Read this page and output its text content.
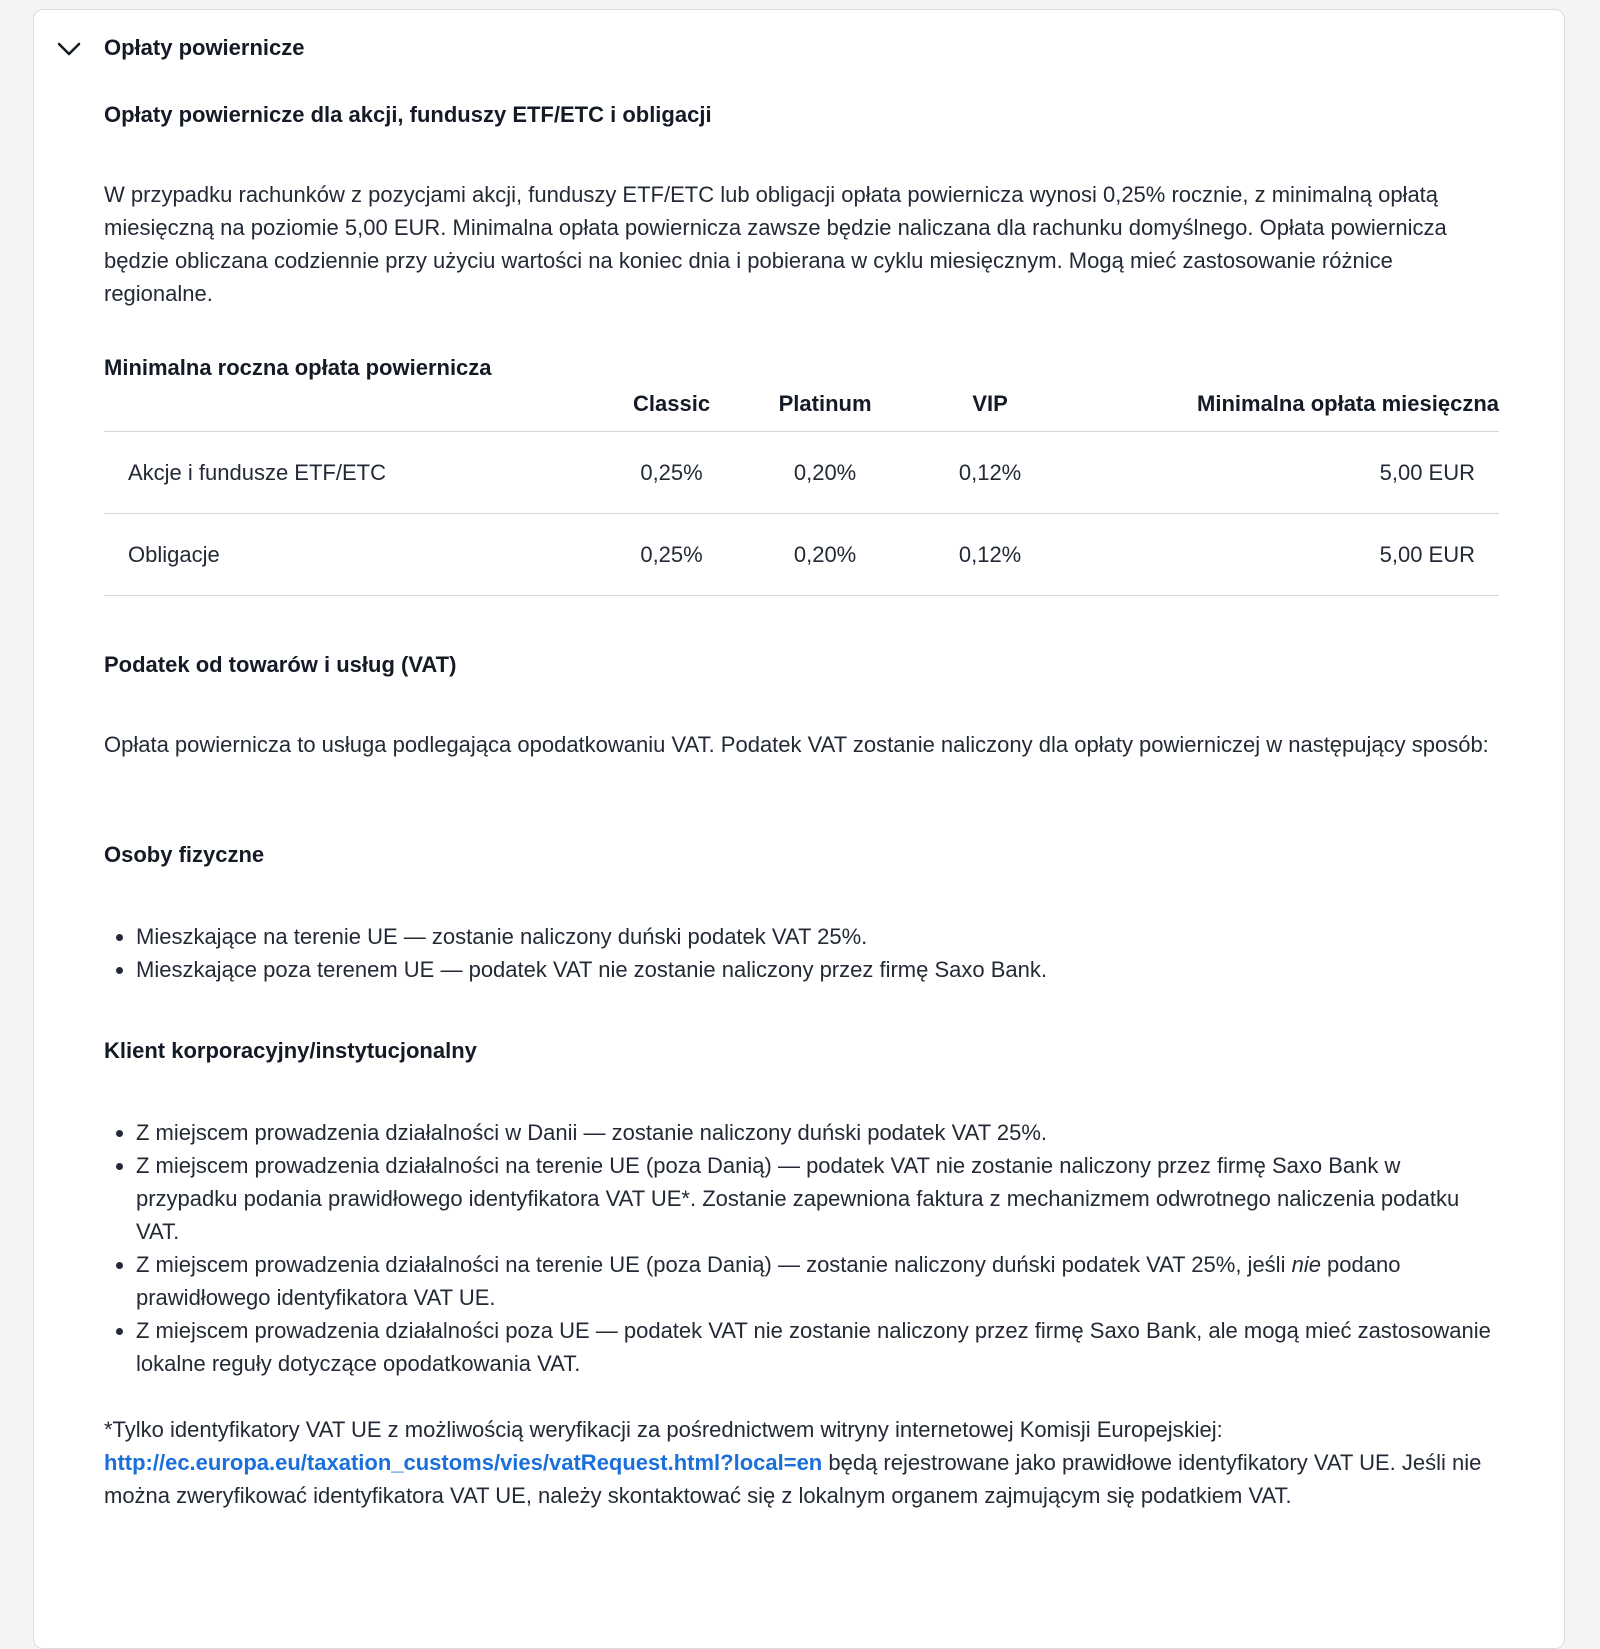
Opłaty powiernicze
Opłaty powiernicze dla akcji, funduszy ETF/ETC i obligacji

W przypadku rachunków z pozycjami akcji, funduszy ETF/ETC lub obligacji opłata powiernicza wynosi 0,25% rocznie, z minimalną opłatą miesięczną na poziomie 5,00 EUR. Minimalna opłata powiernicza zawsze będzie naliczana dla rachunku domyślnego. Opłata powiernicza będzie obliczana codziennie przy użyciu wartości na koniec dnia i pobierana w cyklu miesięcznym. Mogą mieć zastosowanie różnice regionalne.

Minimalna roczna opłata powiernicza
	Classic	Platinum	VIP	Minimalna opłata miesięczna
Akcje i fundusze ETF/ETC	0,25%	0,20%	0,12%	5,00 EUR
Obligacje	0,25%	0,20%	0,12%	5,00 EUR
Podatek od towarów i usług (VAT)

Opłata powiernicza to usługa podlegająca opodatkowaniu VAT. Podatek VAT zostanie naliczony dla opłaty powierniczej w następujący sposób:

Osoby fizyczne
• Mieszkające na terenie UE — zostanie naliczony duński podatek VAT 25%.
• Mieszkające poza terenem UE — podatek VAT nie zostanie naliczony przez firmę Saxo Bank.
Klient korporacyjny/instytucjonalny
• Z miejscem prowadzenia działalności w Danii — zostanie naliczony duński podatek VAT 25%.
• Z miejscem prowadzenia działalności na terenie UE (poza Danią) — podatek VAT nie zostanie naliczony przez firmę Saxo Bank w przypadku podania prawidłowego identyfikatora VAT UE*. Zostanie zapewniona faktura z mechanizmem odwrotnego naliczenia podatku VAT.
• Z miejscem prowadzenia działalności na terenie UE (poza Danią) — zostanie naliczony duński podatek VAT 25%, jeśli nie podano prawidłowego identyfikatora VAT UE.
• Z miejscem prowadzenia działalności poza UE — podatek VAT nie zostanie naliczony przez firmę Saxo Bank, ale mogą mieć zastosowanie lokalne reguły dotyczące opodatkowania VAT.

*Tylko identyfikatory VAT UE z możliwością weryfikacji za pośrednictwem witryny internetowej Komisji Europejskiej: http://ec.europa.eu/taxation_customs/vies/vatRequest.html?local=en będą rejestrowane jako prawidłowe identyfikatory VAT UE. Jeśli nie można zweryfikować identyfikatora VAT UE, należy skontaktować się z lokalnym organem zajmującym się podatkiem VAT.
